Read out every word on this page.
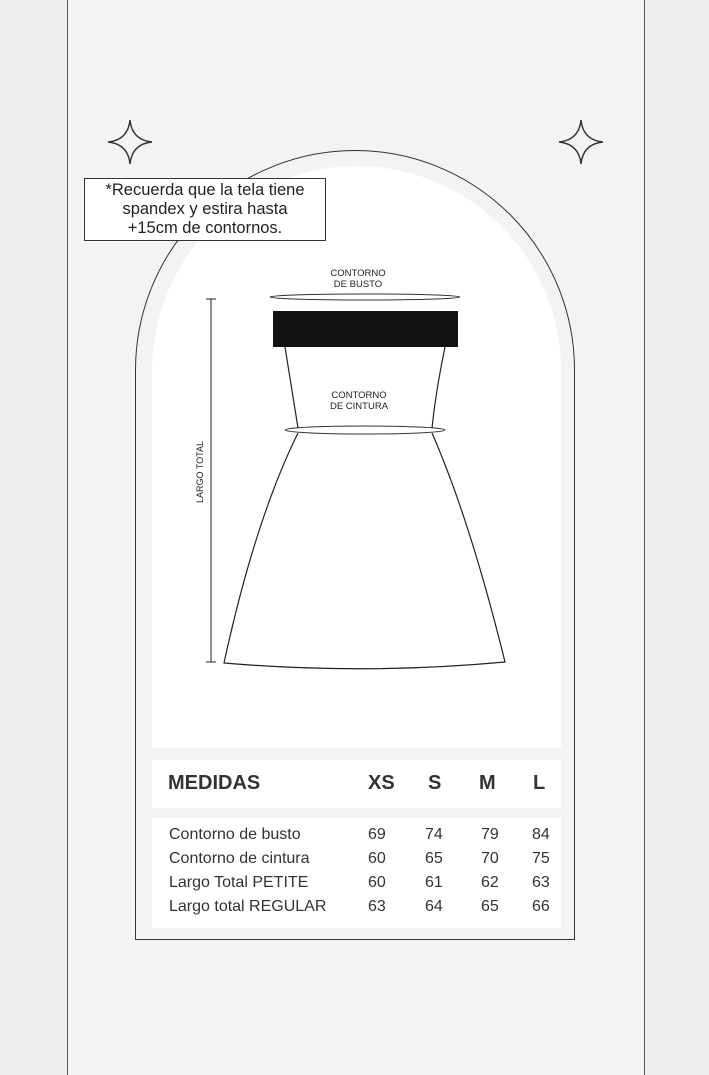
*Recuerda que la tela tiene
spandex y estira hasta
+15cm de contornos.
CONTORNO
DE BUSTO
CONTORNO
DE CINTURA
LARGO TOTAL
MEDIDAS	XS S M L
Contorno de busto	69 74 79 84
Contorno de cintura	60 65 70 75
Largo Total PETITE	60 61 62 63
Largo total REGULAR	63 64 65 66
